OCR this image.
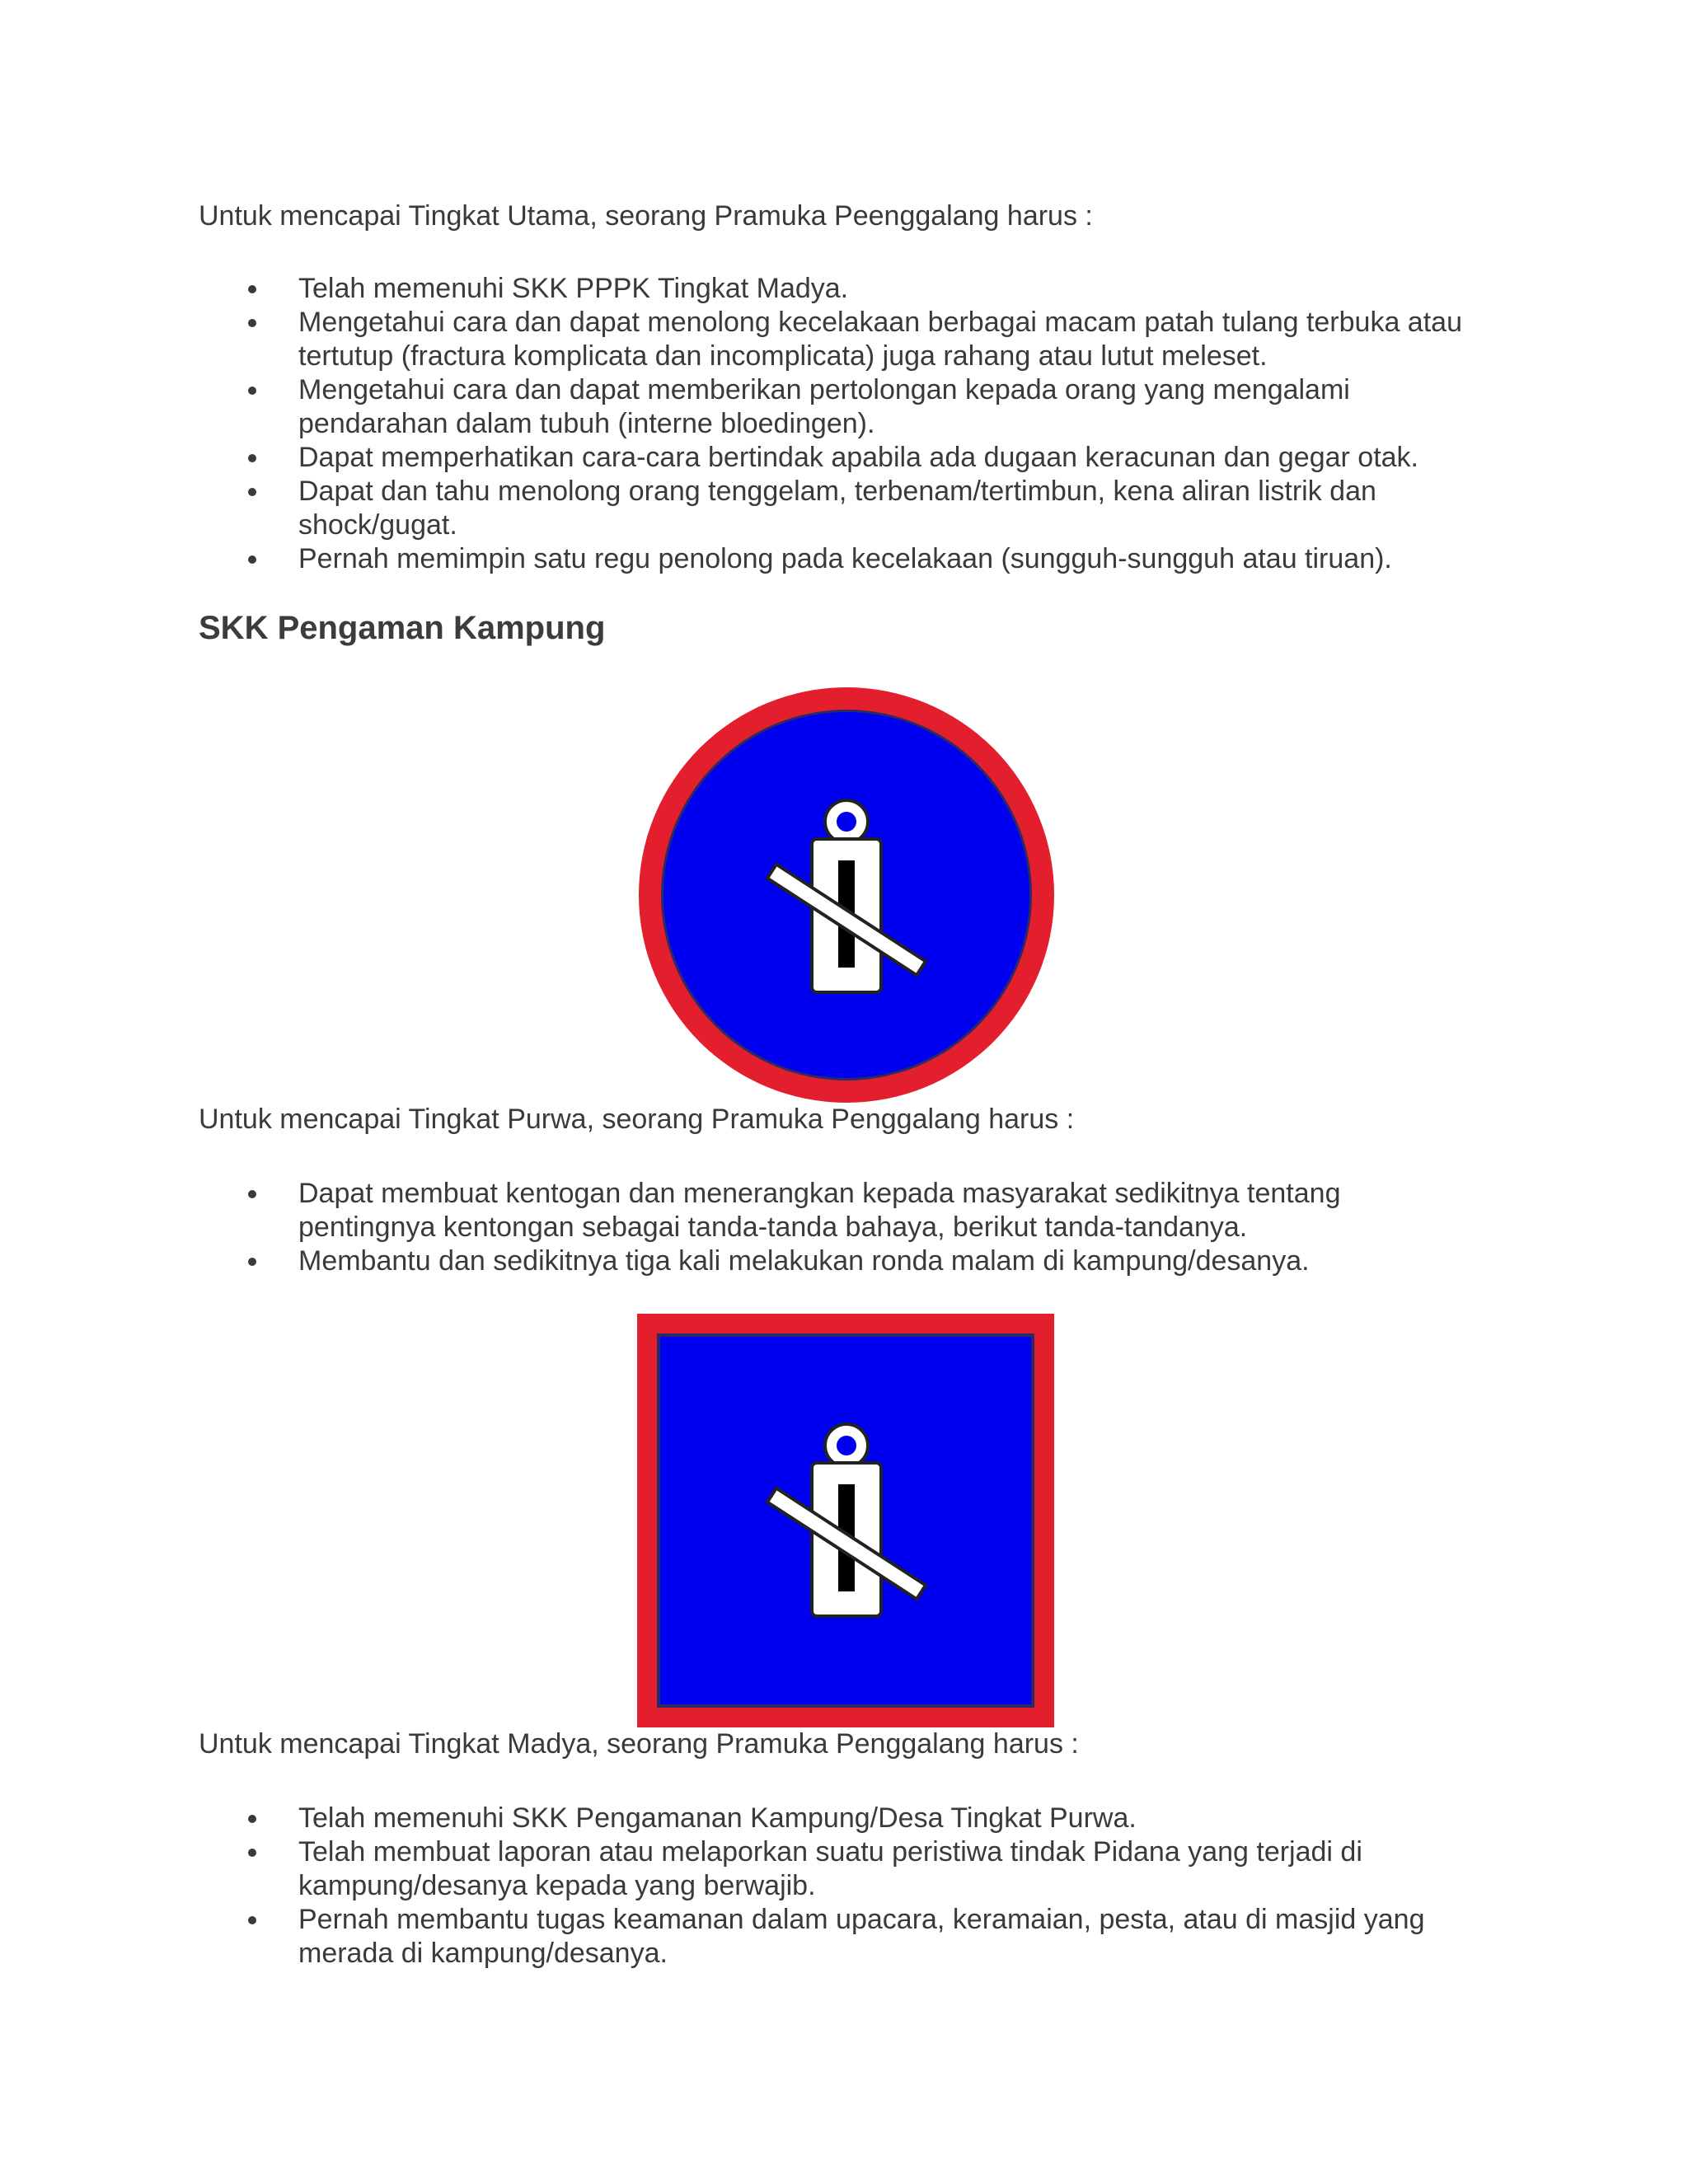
Untuk mencapai Tingkat Utama, seorang Pramuka Peenggalang harus :
Telah memenuhi SKK PPPK Tingkat Madya.
Mengetahui cara dan dapat menolong kecelakaan berbagai macam patah tulang terbuka atau tertutup (fractura komplicata dan incomplicata) juga rahang atau lutut meleset.
Mengetahui cara dan dapat memberikan pertolongan kepada orang yang mengalami pendarahan dalam tubuh (interne bloedingen).
Dapat memperhatikan cara-cara bertindak apabila ada dugaan keracunan dan gegar otak.
Dapat dan tahu menolong orang tenggelam, terbenam/tertimbun, kena aliran listrik dan shock/gugat.
Pernah memimpin satu regu penolong pada kecelakaan (sungguh-sungguh atau tiruan).
SKK Pengaman Kampung
Untuk mencapai Tingkat Purwa, seorang Pramuka Penggalang harus :
Dapat membuat kentogan dan menerangkan kepada masyarakat sedikitnya tentang pentingnya kentongan sebagai tanda-tanda bahaya, berikut tanda-tandanya.
Membantu dan sedikitnya tiga kali melakukan ronda malam di kampung/desanya.
Untuk mencapai Tingkat Madya, seorang Pramuka Penggalang harus :
Telah memenuhi SKK Pengamanan Kampung/Desa Tingkat Purwa.
Telah membuat laporan atau melaporkan suatu peristiwa tindak Pidana yang terjadi di kampung/desanya kepada yang berwajib.
Pernah membantu tugas keamanan dalam upacara, keramaian, pesta, atau di masjid yang merada di kampung/desanya.
